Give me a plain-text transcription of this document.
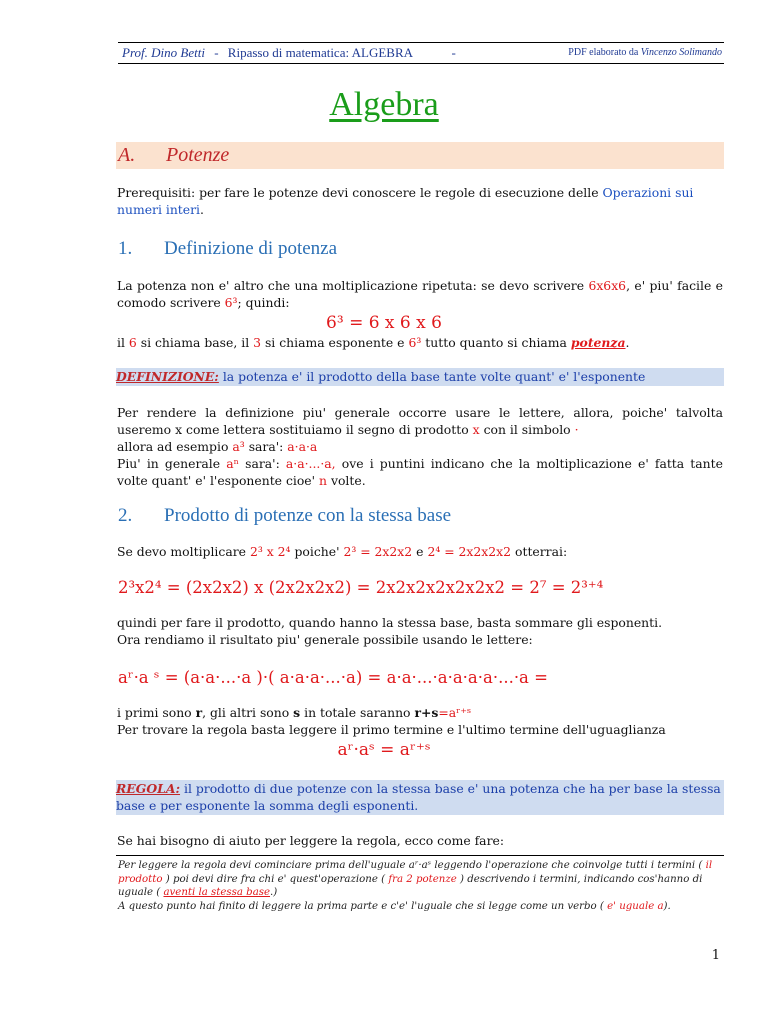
Prof. Dino Betti - Ripasso di matematica: ALGEBRA	-	PDF elaborato da Vincenzo Solimando
Algebra
A. Potenze
Prerequisiti: per fare le potenze devi conoscere le regole di esecuzione delle Operazioni sui numeri interi.
1. Definizione di potenza
La potenza non e' altro che una moltiplicazione ripetuta: se devo scrivere 6x6x6, e' piu' facile e comodo scrivere 6³; quindi:
6³ = 6 x 6 x 6
il 6 si chiama base, il 3 si chiama esponente e 6³ tutto quanto si chiama potenza.
DEFINIZIONE: la potenza e' il prodotto della base tante volte quant' e' l'esponente
Per rendere la definizione piu' generale occorre usare le lettere, allora, poiche' talvolta useremo x come lettera sostituiamo il segno di prodotto x con il simbolo ·
allora ad esempio a³ sara': a·a·a
Piu' in generale aⁿ sara': a·a·...·a, ove i puntini indicano che la moltiplicazione e' fatta tante volte quant' e' l'esponente cioe' n volte.
2. Prodotto di potenze con la stessa base
Se devo moltiplicare 2³ x 2⁴ poiche' 2³ = 2x2x2 e 2⁴ = 2x2x2x2 otterrai:
2³x2⁴ = (2x2x2) x (2x2x2x2) = 2x2x2x2x2x2x2 = 2⁷ = 2³⁺⁴
quindi per fare il prodotto, quando hanno la stessa base, basta sommare gli esponenti.
Ora rendiamo il risultato piu' generale possibile usando le lettere:
aʳ·a ˢ = (a·a·...·a )·( a·a·a·...·a) = a·a·...·a·a·a·a·...·a =
i primi sono r, gli altri sono s in totale saranno r+s=aʳ⁺ˢ
Per trovare la regola basta leggere il primo termine e l'ultimo termine dell'uguaglianza
aʳ·aˢ = aʳ⁺ˢ
REGOLA: il prodotto di due potenze con la stessa base e' una potenza che ha per base la stessa base e per esponente la somma degli esponenti.
Se hai bisogno di aiuto per leggere la regola, ecco come fare:
Per leggere la regola devi cominciare prima dell'uguale aʳ·aˢ leggendo l'operazione che coinvolge tutti i termini ( il prodotto ) poi devi dire fra chi e' quest'operazione ( fra 2 potenze ) descrivendo i termini, indicando cos'hanno di uguale ( aventi la stessa base.)
A questo punto hai finito di leggere la prima parte e c'e' l'uguale che si legge come un verbo ( e' uguale a).
1
